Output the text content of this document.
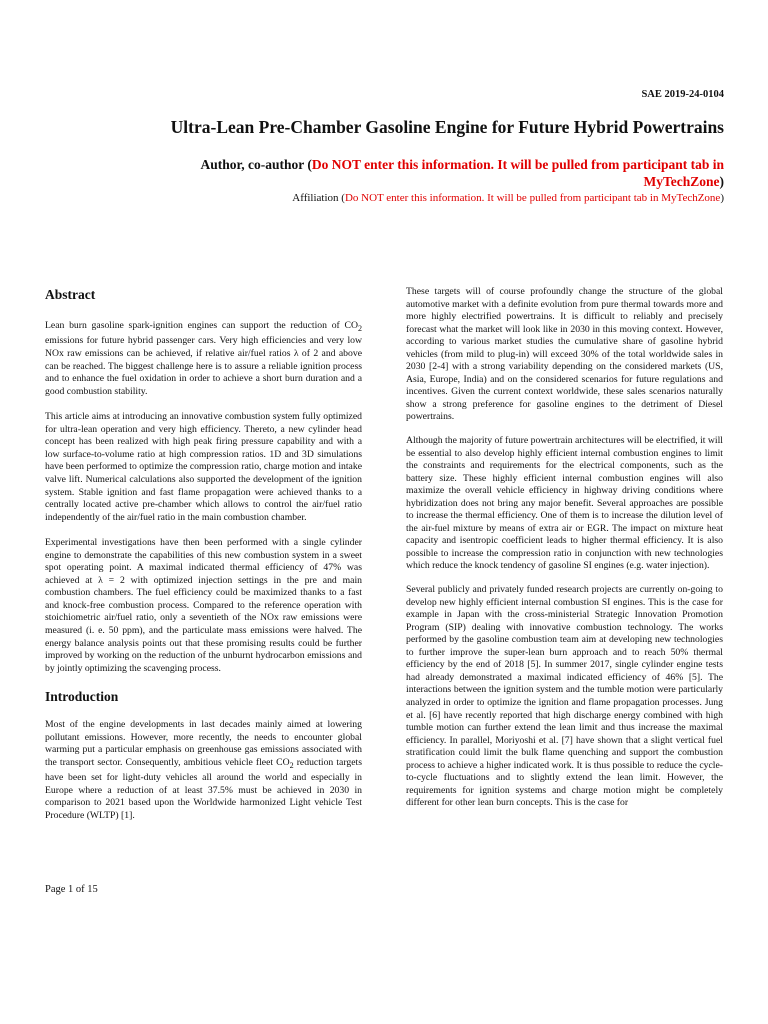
SAE 2019-24-0104
Ultra-Lean Pre-Chamber Gasoline Engine for Future Hybrid Powertrains
Author, co-author (Do NOT enter this information. It will be pulled from participant tab in MyTechZone)
Affiliation (Do NOT enter this information. It will be pulled from participant tab in MyTechZone)
Abstract

Lean burn gasoline spark-ignition engines can support the reduction of $CO_2$ emissions for future hybrid passenger cars. Very high efficiencies and very low NOx raw emissions can be achieved, if relative air/fuel ratios λ of 2 and above can be reached. The biggest challenge here is to assure a reliable ignition process and to enhance the fuel oxidation in order to achieve a short burn duration and a good combustion stability.

This article aims at introducing an innovative combustion system fully optimized for ultra-lean operation and very high efficiency. Thereto, a new cylinder head concept has been realized with high peak firing pressure capability and with a low surface-to-volume ratio at high compression ratios. 1D and 3D simulations have been performed to optimize the compression ratio, charge motion and intake valve lift. Numerical calculations also supported the development of the ignition system. Stable ignition and fast flame propagation were achieved thanks to a centrally located active pre-chamber which allows to control the air/fuel ratio independently of the air/fuel ratio in the main combustion chamber.

Experimental investigations have then been performed with a single cylinder engine to demonstrate the capabilities of this new combustion system in a sweet spot operating point. A maximal indicated thermal efficiency of 47% was achieved at λ = 2 with optimized injection settings in the pre and main combustion chambers. The fuel efficiency could be maximized thanks to a fast and knock-free combustion process. Compared to the reference operation with stoichiometric air/fuel ratio, only a seventieth of the NOx raw emissions were measured (i. e. 50 ppm), and the particulate mass emissions were halved. The energy balance analysis points out that these promising results could be further improved by working on the reduction of the unburnt hydrocarbon emissions and by jointly optimizing the scavenging process.

Introduction

Most of the engine developments in last decades mainly aimed at lowering pollutant emissions. However, more recently, the needs to encounter global warming put a particular emphasis on greenhouse gas emissions associated with the transport sector. Consequently, ambitious vehicle fleet $CO_2$ reduction targets have been set for light-duty vehicles all around the world and especially in Europe where a reduction of at least 37.5% must be achieved in 2030 in comparison to 2021 based upon the Worldwide harmonized Light vehicle Test Procedure (WLTP) [1].

These targets will of course profoundly change the structure of the global automotive market with a definite evolution from pure thermal towards more and more highly electrified powertrains. It is difficult to reliably and precisely forecast what the market will look like in 2030 in this moving context. However, according to various market studies the cumulative share of gasoline hybrid vehicles (from mild to plug-in) will exceed 30% of the total worldwide sales in 2030 [2-4] with a strong variability depending on the considered markets (US, Asia, Europe, India) and on the considered scenarios for future regulations and incentives. Given the current context worldwide, these sales scenarios naturally show a strong preference for gasoline engines to the detriment of Diesel powertrains.

Although the majority of future powertrain architectures will be electrified, it will be essential to also develop highly efficient internal combustion engines to limit the constraints and requirements for the electrical components, such as the battery size. These highly efficient internal combustion engines will also maximize the overall vehicle efficiency in highway driving conditions where hybridization does not bring any major benefit. Several approaches are possible to increase the thermal efficiency. One of them is to increase the dilution level of the air-fuel mixture by means of extra air or EGR. The impact on mixture heat capacity and isentropic coefficient leads to higher thermal efficiency. It is also possible to increase the compression ratio in conjunction with new technologies which reduce the knock tendency of gasoline SI engines (e.g. water injection).

Several publicly and privately funded research projects are currently on-going to develop new highly efficient internal combustion SI engines. This is the case for example in Japan with the cross-ministerial Strategic Innovation Promotion Program (SIP) dealing with innovative combustion technology. The works performed by the gasoline combustion team aim at developing new technologies to further improve the super-lean burn approach and to reach 50% thermal efficiency by the end of 2018 [5]. In summer 2017, single cylinder engine tests had already demonstrated a maximal indicated efficiency of 46% [5]. The interactions between the ignition system and the tumble motion were particularly analyzed in order to optimize the ignition and flame propagation processes. Jung et al. [6] have recently reported that high discharge energy combined with high tumble motion can further extend the lean limit and thus increase the maximal efficiency. In parallel, Moriyoshi et al. [7] have shown that a slight vertical fuel stratification could limit the bulk flame quenching and support the combustion process to achieve a higher indicated work. It is thus possible to reduce the cycle-to-cycle fluctuations and to slightly extend the lean limit. However, the requirements for ignition systems and charge motion might be completely different for other lean burn concepts. This is the case for

Page 1 of 15
